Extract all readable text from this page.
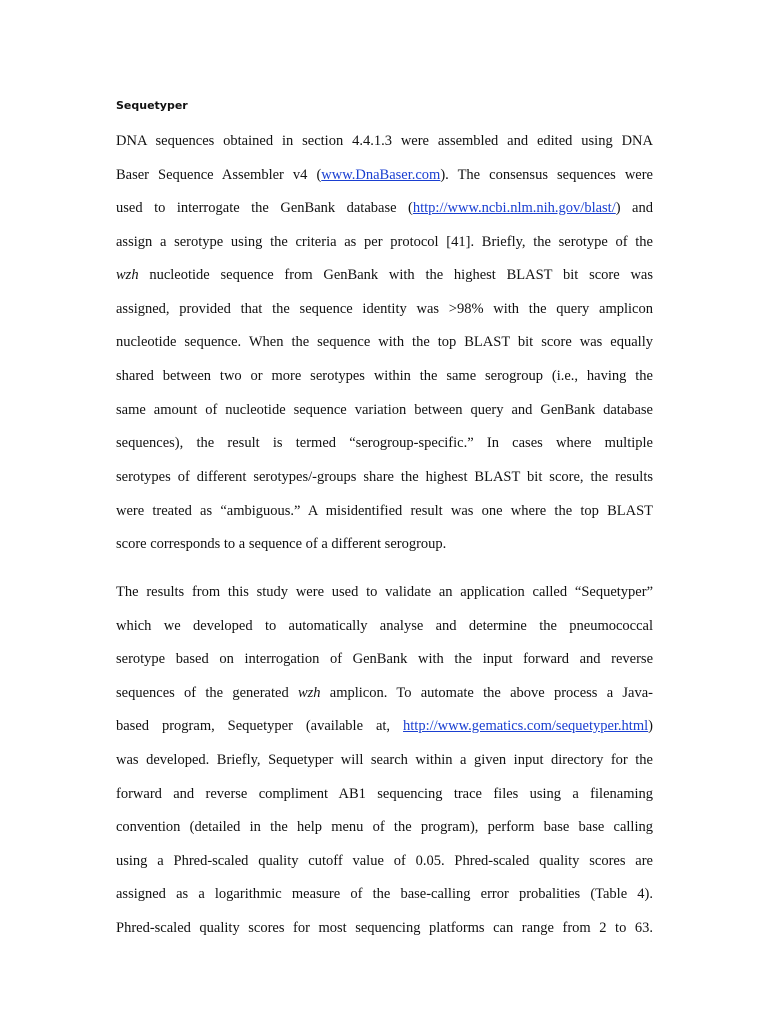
Sequetyper
DNA sequences obtained in section 4.4.1.3 were assembled and edited using DNA
Baser Sequence Assembler v4 (www.DnaBaser.com). The consensus sequences were
used to interrogate the GenBank database (http://www.ncbi.nlm.nih.gov/blast/) and
assign a serotype using the criteria as per protocol [41]. Briefly, the serotype of the
wzh nucleotide sequence from GenBank with the highest BLAST bit score was
assigned, provided that the sequence identity was >98% with the query amplicon
nucleotide sequence. When the sequence with the top BLAST bit score was equally
shared between two or more serotypes within the same serogroup (i.e., having the
same amount of nucleotide sequence variation between query and GenBank database
sequences), the result is termed “serogroup-specific.” In cases where multiple
serotypes of different serotypes/-groups share the highest BLAST bit score, the results
were treated as “ambiguous.” A misidentified result was one where the top BLAST
score corresponds to a sequence of a different serogroup.
The results from this study were used to validate an application called “Sequetyper”
which we developed to automatically analyse and determine the pneumococcal
serotype based on interrogation of GenBank with the input forward and reverse
sequences of the generated wzh amplicon. To automate the above process a Java-
based program, Sequetyper (available at, http://www.gematics.com/sequetyper.html)
was developed. Briefly, Sequetyper will search within a given input directory for the
forward and reverse compliment AB1 sequencing trace files using a filenaming
convention (detailed in the help menu of the program), perform base base calling
using a Phred-scaled quality cutoff value of 0.05. Phred-scaled quality scores are
assigned as a logarithmic measure of the base-calling error probalities (Table 4).
Phred-scaled quality scores for most sequencing platforms can range from 2 to 63.
